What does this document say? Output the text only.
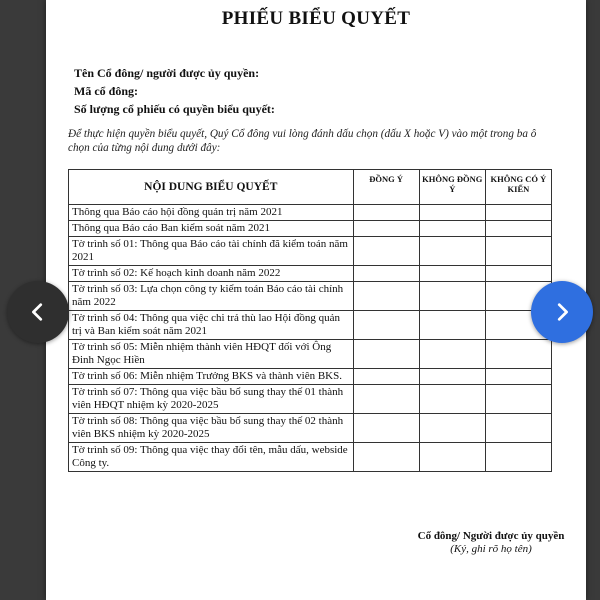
PHIẾU BIỂU QUYẾT
Tên Cổ đông/ người được ủy quyền:
Mã cổ đông:
Số lượng cổ phiếu có quyền biểu quyết:
Để thực hiện quyền biểu quyết, Quý Cổ đông vui lòng đánh dấu chọn (dấu X hoặc V) vào một trong ba ô chọn của từng nội dung dưới đây:
NỘI DUNG BIỂU QUYẾT	ĐỒNG Ý	KHÔNG ĐỒNG Ý	KHÔNG CÓ Ý KIẾN
Thông qua Báo cáo hội đồng quản trị năm 2021			
Thông qua Báo cáo Ban kiểm soát năm 2021			
Tờ trình số 01: Thông qua Báo cáo tài chính đã kiểm toán năm 2021			
Tờ trình số 02: Kế hoạch kinh doanh năm 2022			
Tờ trình số 03: Lựa chọn công ty kiểm toán Báo cáo tài chính năm 2022			
Tờ trình số 04: Thông qua việc chi trả thù lao Hội đồng quản trị và Ban kiểm soát năm 2021			
Tờ trình số 05: Miễn nhiệm thành viên HĐQT đối với Ông Đinh Ngọc Hiền			
Tờ trình số 06: Miễn nhiệm Trưởng BKS và thành viên BKS.			
Tờ trình số 07: Thông qua việc bầu bổ sung thay thế 01 thành viên HĐQT nhiệm kỳ 2020-2025			
Tờ trình số 08: Thông qua việc bầu bổ sung thay thế 02 thành viên BKS nhiệm kỳ 2020-2025			
Tờ trình số 09: Thông qua việc thay đổi tên, mẫu dấu, webside Công ty.			
Cổ đông/ Người được ủy quyền
(Ký, ghi rõ họ tên)
